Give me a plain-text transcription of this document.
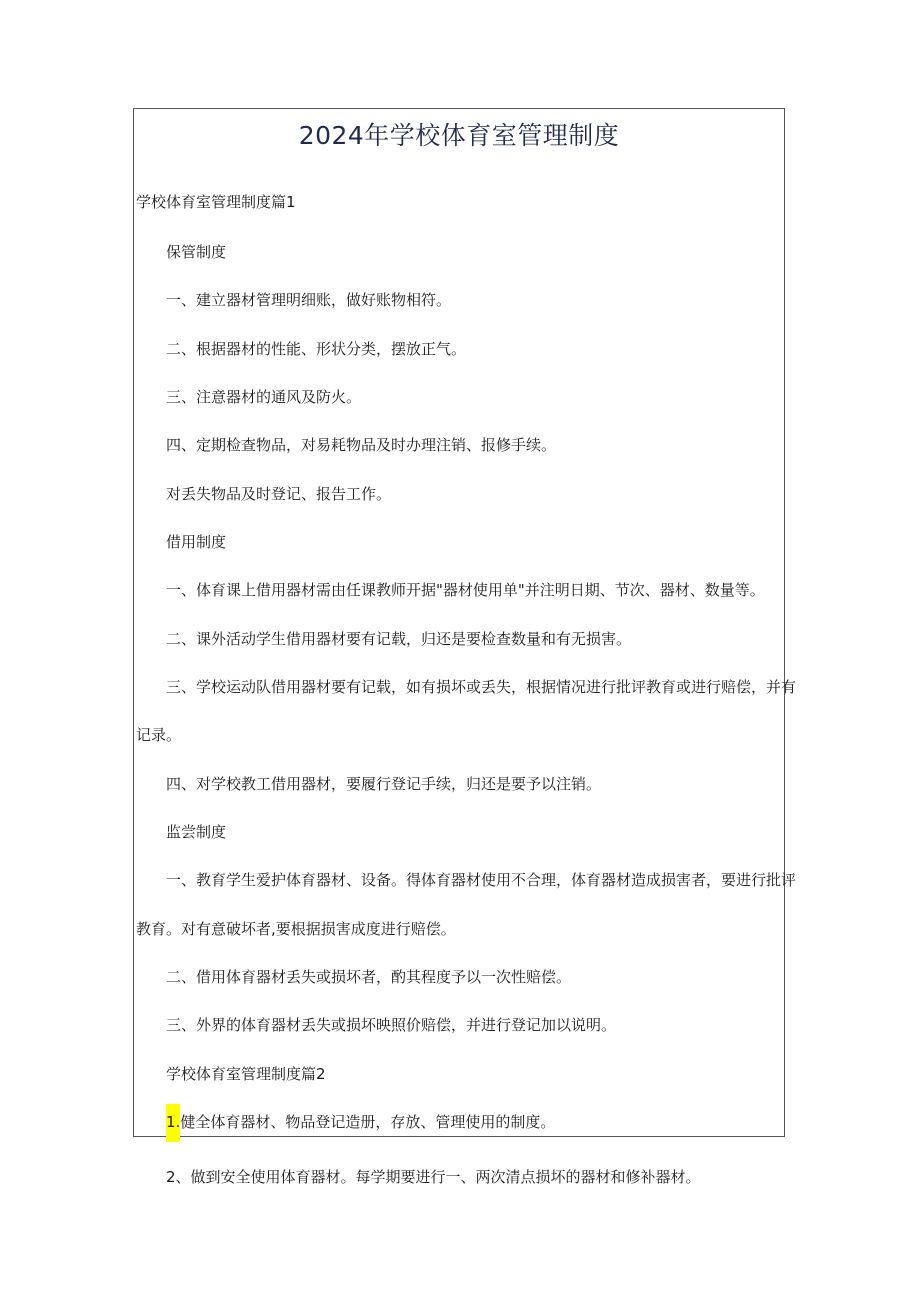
2024年学校体育室管理制度

学校体育室管理制度篇1

保管制度

一、建立器材管理明细账，做好账物相符。

二、根据器材的性能、形状分类，摆放正气。

三、注意器材的通风及防火。

四、定期检查物品，对易耗物品及时办理注销、报修手续。

对丢失物品及时登记、报告工作。

借用制度

一、体育课上借用器材需由任课教师开据"器材使用单"并注明日期、节次、器材、数量等。

二、课外活动学生借用器材要有记载，归还是要检查数量和有无损害。

三、学校运动队借用器材要有记载，如有损坏或丢失，根据情况进行批评教育或进行赔偿，并有

记录。

四、对学校教工借用器材，要履行登记手续，归还是要予以注销。

监尝制度

一、教育学生爱护体育器材、设备。得体育器材使用不合理，体育器材造成损害者，要进行批评

教育。对有意破坏者,要根据损害成度进行赔偿。

二、借用体育器材丢失或损坏者，酌其程度予以一次性赔偿。

三、外界的体育器材丢失或损坏映照价赔偿，并进行登记加以说明。

学校体育室管理制度篇2

1.健全体育器材、物品登记造册，存放、管理使用的制度。

2、做到安全使用体育器材。每学期要进行一、两次清点损坏的器材和修补器材。
